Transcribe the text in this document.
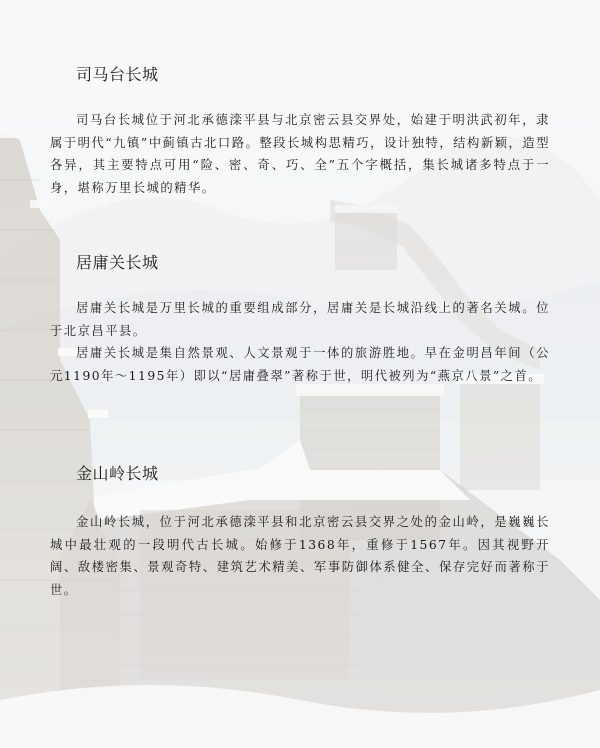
司马台长城

司马台长城位于河北承德滦平县与北京密云县交界处，始建于明洪武初年，隶属于明代“九镇”中蓟镇古北口路。整段长城构思精巧，设计独特，结构新颖，造型各异，其主要特点可用“险、密、奇、巧、全”五个字概括，集长城诸多特点于一身，堪称万里长城的精华。

居庸关长城

居庸关长城是万里长城的重要组成部分，居庸关是长城沿线上的著名关城。位于北京昌平县。

居庸关长城是集自然景观、人文景观于一体的旅游胜地。早在金明昌年间（公元1190年～1195年）即以“居庸叠翠”著称于世，明代被列为“燕京八景”之首。

金山岭长城

金山岭长城，位于河北承德滦平县和北京密云县交界之处的金山岭，是巍巍长城中最壮观的一段明代古长城。始修于1368年，重修于1567年。因其视野开阔、敌楼密集、景观奇特、建筑艺术精美、军事防御体系健全、保存完好而著称于世。
